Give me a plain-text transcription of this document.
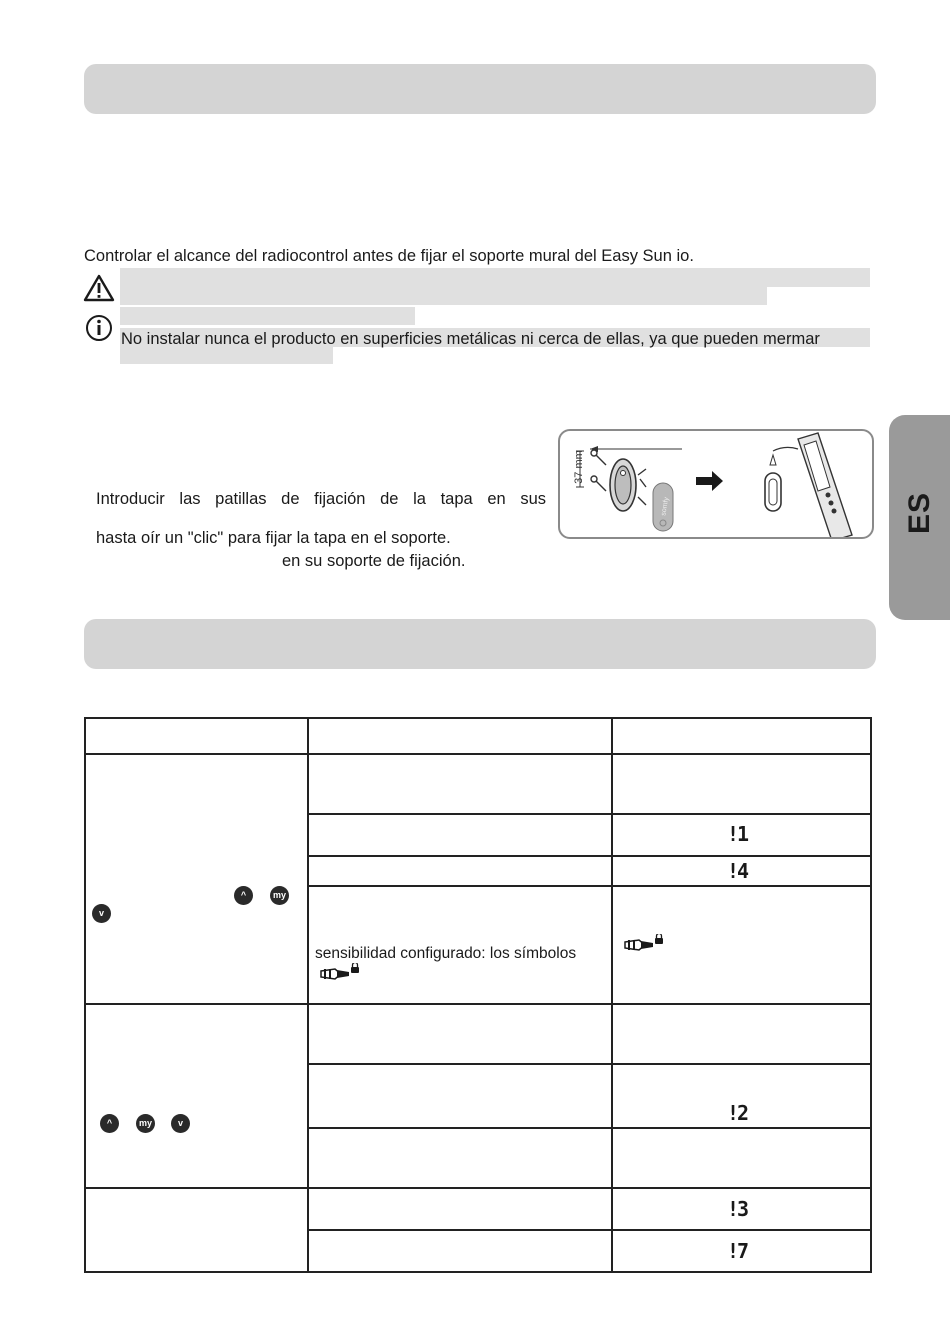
ES
Controlar el alcance del radiocontrol antes de fijar el soporte mural del Easy Sun io.
No instalar nunca el producto en superficies metálicas ni cerca de ellas, ya que pueden mermar
Introducir las patillas de fijación de la tapa en sus
hasta oír un "clic" para fijar la tapa en el soporte.
en su soporte de fijación.
37 mm
somfy

^ my
v		

		!1

		!4

	sensibilidad configurado: los símbolos

^ my v		

		!2

		!3

		!7
